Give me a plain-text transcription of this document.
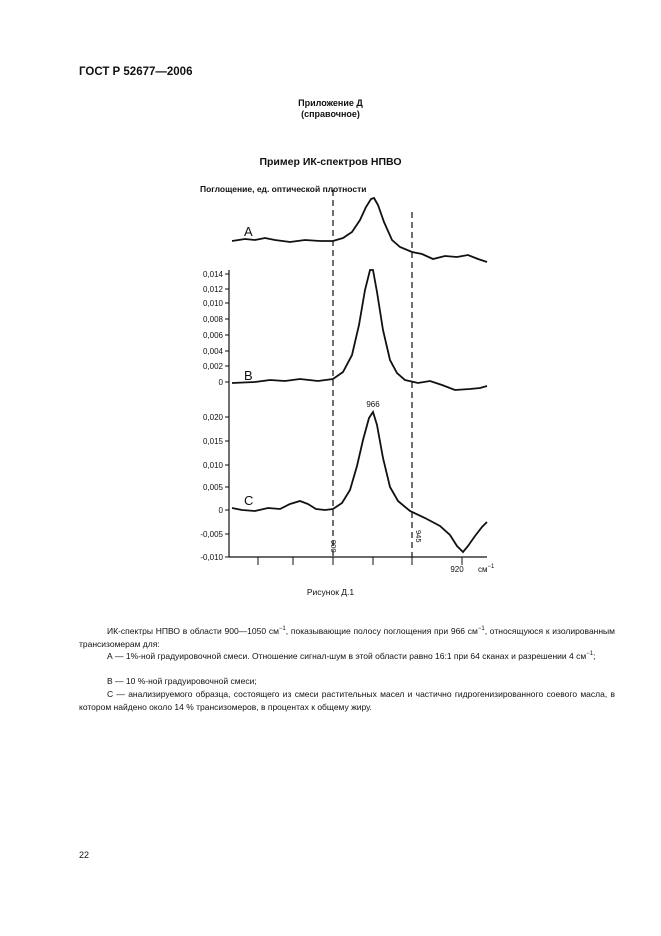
ГОСТ Р 52677—2006
Приложение Д
(справочное)
Пример ИК-спектров НПВО
Поглощение, ед. оптической плотности
0,014
0,012
0,010
0,008
0,006
0,004
0,002
0
0,020
0,015
0,010
0,005
0
-0,005
-0,010
900
945
A
B
C
966
920 $см^{-1}$
Рисунок Д.1
ИК-спектры НПВО в области 900—1050 $см^{-1}$, показывающие полосу поглощения при 966 $см^{-1}$, относящуюся к изолированным трансизомерам для:
А — 1%-ной градуировочной смеси. Отношение сигнал-шум в этой области равно 16:1 при 64 сканах и разрешении 4 $см^{-1}$;
В — 10 %-ной градуировочной смеси;
С — анализируемого образца, состоящего из смеси растительных масел и частично гидрогенизированного соевого масла, в котором найдено около 14 % трансизомеров, в процентах к общему жиру.
22
